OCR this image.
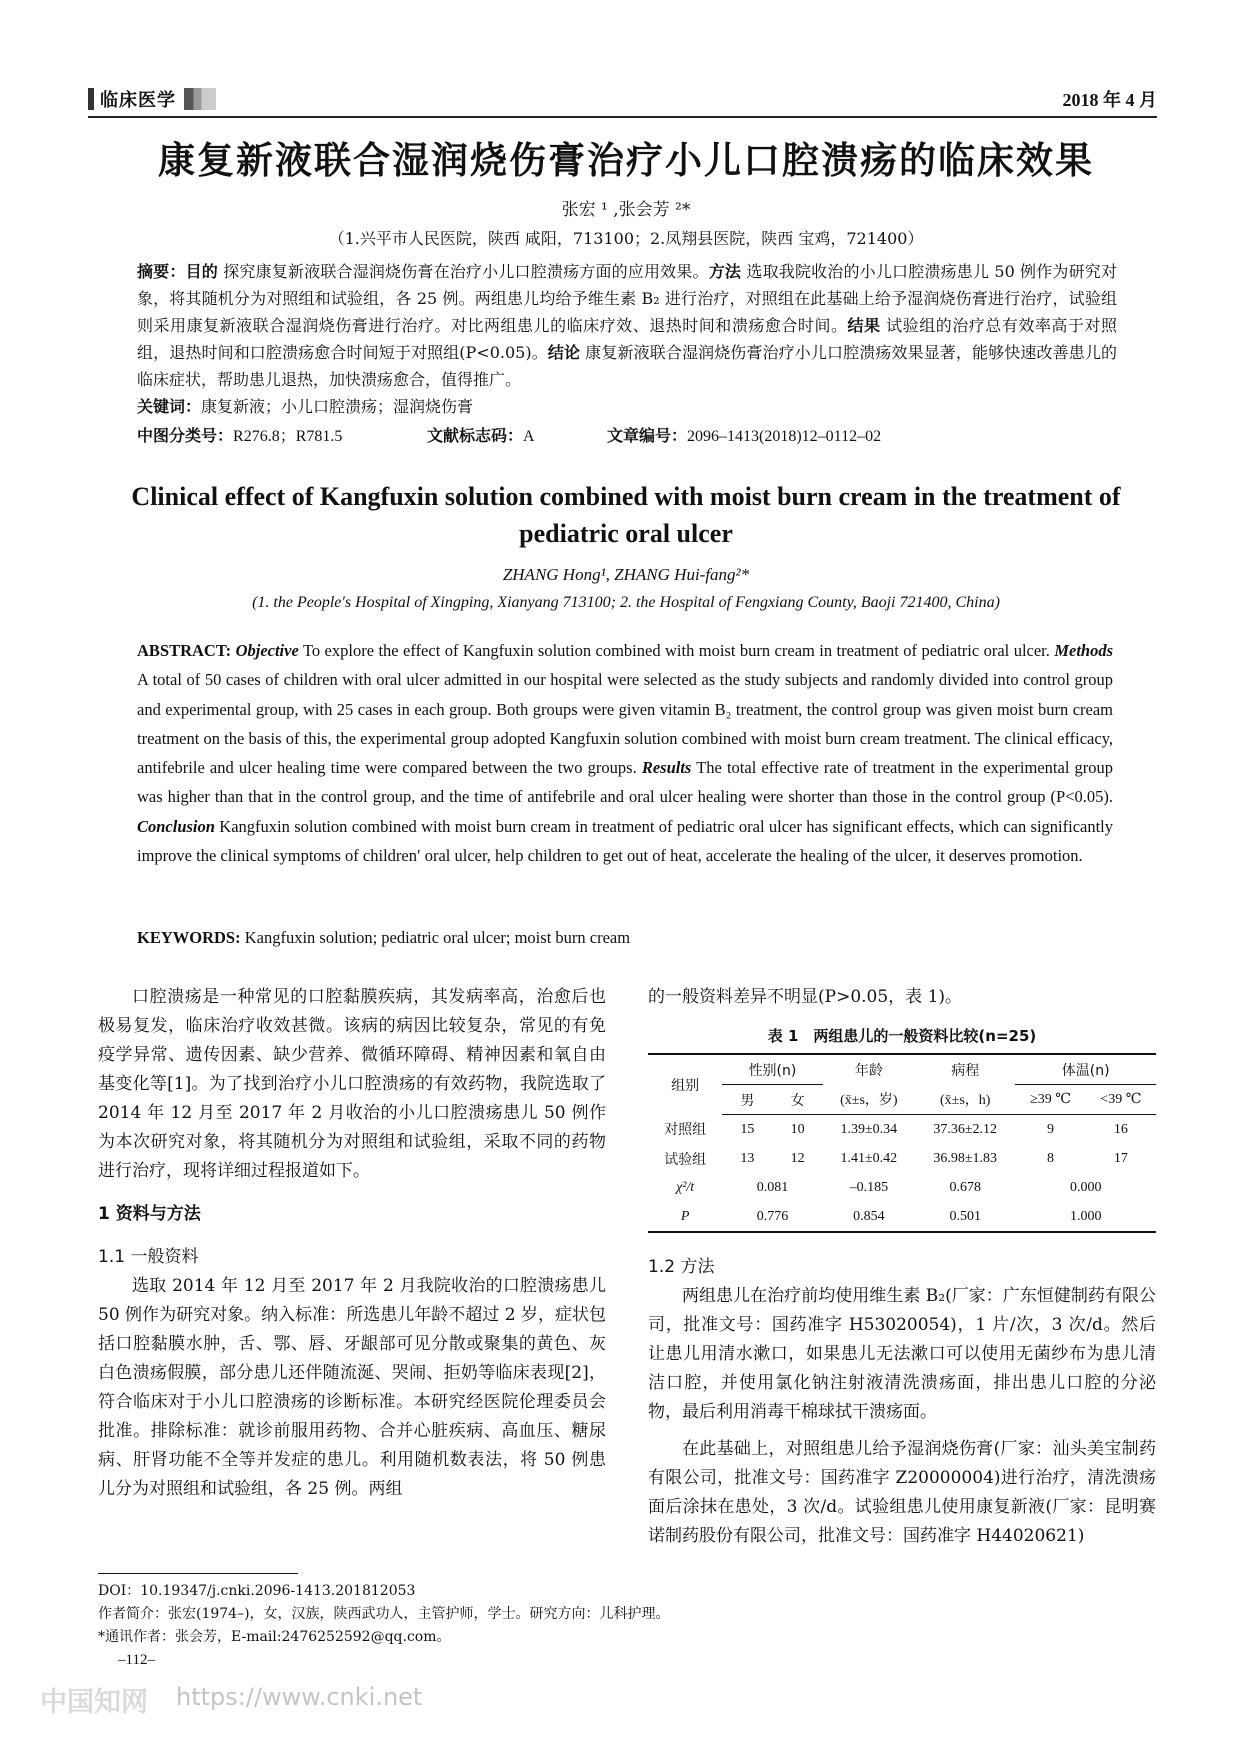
临床医学	2018 年 4 月
康复新液联合湿润烧伤膏治疗小儿口腔溃疡的临床效果
张宏 ¹ ,张会芳 ²*
（1.兴平市人民医院，陕西 咸阳，713100；2.凤翔县医院，陕西 宝鸡，721400）
摘要：目的 探究康复新液联合湿润烧伤膏在治疗小儿口腔溃疡方面的应用效果。方法 选取我院收治的小儿口腔溃疡患儿 50 例作为研究对象，将其随机分为对照组和试验组，各 25 例。两组患儿均给予维生素 B₂ 进行治疗，对照组在此基础上给予湿润烧伤膏进行治疗，试验组则采用康复新液联合湿润烧伤膏进行治疗。对比两组患儿的临床疗效、退热时间和溃疡愈合时间。结果 试验组的治疗总有效率高于对照组，退热时间和口腔溃疡愈合时间短于对照组(P<0.05)。结论 康复新液联合湿润烧伤膏治疗小儿口腔溃疡效果显著，能够快速改善患儿的临床症状，帮助患儿退热，加快溃疡愈合，值得推广。
关键词：康复新液；小儿口腔溃疡；湿润烧伤膏
中图分类号：R276.8；R781.5	文献标志码：A	文章编号：2096–1413(2018)12–0112–02
Clinical effect of Kangfuxin solution combined with moist burn cream in the treatment of pediatric oral ulcer
ZHANG Hong¹, ZHANG Hui-fang²*
(1. the People′s Hospital of Xingping, Xianyang 713100; 2. the Hospital of Fengxiang County, Baoji 721400, China)
ABSTRACT: Objective To explore the effect of Kangfuxin solution combined with moist burn cream in treatment of pediatric oral ulcer. Methods A total of 50 cases of children with oral ulcer admitted in our hospital were selected as the study subjects and randomly divided into control group and experimental group, with 25 cases in each group. Both groups were given vitamin B₂ treatment, the control group was given moist burn cream treatment on the basis of this, the experimental group adopted Kangfuxin solution combined with moist burn cream treatment. The clinical efficacy, antifebrile and ulcer healing time were compared between the two groups. Results The total effective rate of treatment in the experimental group was higher than that in the control group, and the time of antifebrile and oral ulcer healing were shorter than those in the control group (P<0.05). Conclusion Kangfuxin solution combined with moist burn cream in treatment of pediatric oral ulcer has significant effects, which can significantly improve the clinical symptoms of children′ oral ulcer, help children to get out of heat, accelerate the healing of the ulcer, it deserves promotion.
KEYWORDS: Kangfuxin solution; pediatric oral ulcer; moist burn cream

口腔溃疡是一种常见的口腔黏膜疾病，其发病率高，治愈后也极易复发，临床治疗收效甚微。该病的病因比较复杂，常见的有免疫学异常、遗传因素、缺少营养、微循环障碍、精神因素和氧自由基变化等[1]。为了找到治疗小儿口腔溃疡的有效药物，我院选取了 2014 年 12 月至 2017 年 2 月收治的小儿口腔溃疡患儿 50 例作为本次研究对象，将其随机分为对照组和试验组，采取不同的药物进行治疗，现将详细过程报道如下。

1 资料与方法

1.1 一般资料

选取 2014 年 12 月至 2017 年 2 月我院收治的口腔溃疡患儿 50 例作为研究对象。纳入标准：所选患儿年龄不超过 2 岁，症状包括口腔黏膜水肿，舌、鄂、唇、牙龈部可见分散或聚集的黄色、灰白色溃疡假膜，部分患儿还伴随流涎、哭闹、拒奶等临床表现[2]，符合临床对于小儿口腔溃疡的诊断标准。本研究经医院伦理委员会批准。排除标准：就诊前服用药物、合并心脏疾病、高血压、糖尿病、肝肾功能不全等并发症的患儿。利用随机数表法，将 50 例患儿分为对照组和试验组，各 25 例。两组

的一般资料差异不明显(P>0.05，表 1)。

表 1　两组患儿的一般资料比较(n=25)
组别	性别(n)		年龄	病程	体温(n)	
	男	女	(x̄±s，岁)	(x̄±s，h)	≥39 ℃	<39 ℃
对照组	15	10	1.39±0.34	37.36±2.12	9	16
试验组	13	12	1.41±0.42	36.98±1.83	8	17
χ²/t	0.081		–0.185	0.678	0.000	
P	0.776		0.854	0.501	1.000	

1.2 方法

两组患儿在治疗前均使用维生素 B₂(厂家：广东恒健制药有限公司，批准文号：国药准字 H53020054)，1 片/次，3 次/d。然后让患儿用清水漱口，如果患儿无法漱口可以使用无菌纱布为患儿清洁口腔，并使用氯化钠注射液清洗溃疡面，排出患儿口腔的分泌物，最后利用消毒干棉球拭干溃疡面。

在此基础上，对照组患儿给予湿润烧伤膏(厂家：汕头美宝制药有限公司，批准文号：国药准字 Z20000004)进行治疗，清洗溃疡面后涂抹在患处，3 次/d。试验组患儿使用康复新液(厂家：昆明赛诺制药股份有限公司，批准文号：国药准字 H44020621)

DOI：10.19347/j.cnki.2096-1413.201812053
作者简介：张宏(1974–)，女，汉族，陕西武功人，主管护师，学士。研究方向：儿科护理。
*通讯作者：张会芳，E-mail:2476252592@qq.com。
–112–
中国知网 https://www.cnki.net
